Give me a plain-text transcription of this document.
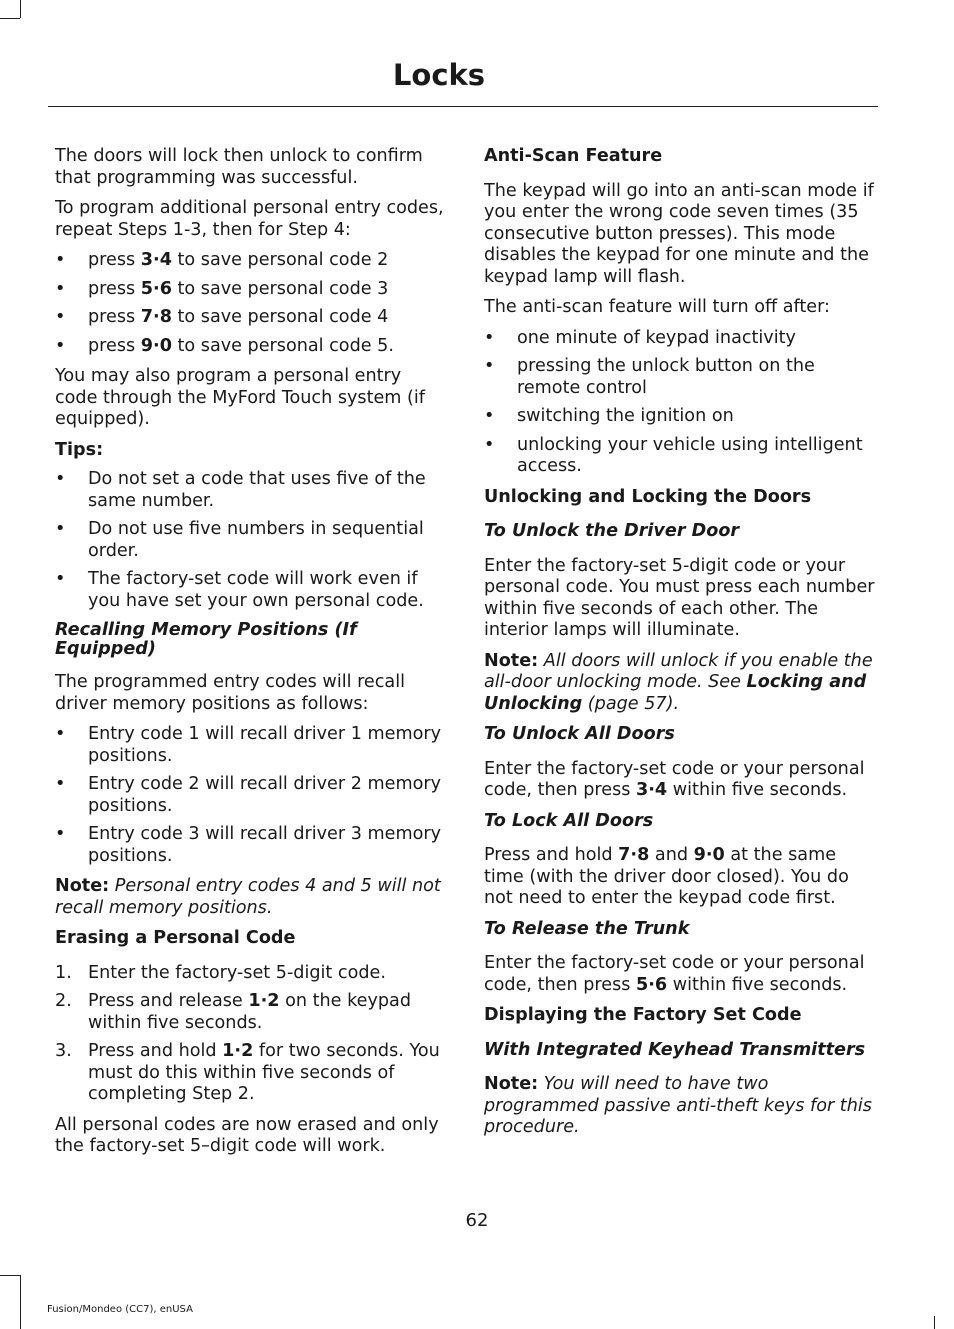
Locks

The doors will lock then unlock to confirm that programming was successful.

To program additional personal entry codes, repeat Steps 1-3, then for Step 4:

• press 3·4 to save personal code 2
• press 5·6 to save personal code 3
• press 7·8 to save personal code 4
• press 9·0 to save personal code 5.

You may also program a personal entry code through the MyFord Touch system (if equipped).

Tips:

• Do not set a code that uses five of the same number.
• Do not use five numbers in sequential order.
• The factory-set code will work even if you have set your own personal code.

Recalling Memory Positions (If Equipped)

The programmed entry codes will recall driver memory positions as follows:

• Entry code 1 will recall driver 1 memory positions.
• Entry code 2 will recall driver 2 memory positions.
• Entry code 3 will recall driver 3 memory positions.

Note: Personal entry codes 4 and 5 will not recall memory positions.

Erasing a Personal Code

1. Enter the factory-set 5-digit code.
2. Press and release 1·2 on the keypad within five seconds.
3. Press and hold 1·2 for two seconds. You must do this within five seconds of completing Step 2.

All personal codes are now erased and only the factory-set 5–digit code will work.

Anti-Scan Feature

The keypad will go into an anti-scan mode if you enter the wrong code seven times (35 consecutive button presses). This mode disables the keypad for one minute and the keypad lamp will flash.

The anti-scan feature will turn off after:

• one minute of keypad inactivity
• pressing the unlock button on the remote control
• switching the ignition on
• unlocking your vehicle using intelligent access.

Unlocking and Locking the Doors

To Unlock the Driver Door

Enter the factory-set 5-digit code or your personal code. You must press each number within five seconds of each other. The interior lamps will illuminate.

Note: All doors will unlock if you enable the all-door unlocking mode. See Locking and Unlocking (page 57).

To Unlock All Doors

Enter the factory-set code or your personal code, then press 3·4 within five seconds.

To Lock All Doors

Press and hold 7·8 and 9·0 at the same time (with the driver door closed). You do not need to enter the keypad code first.

To Release the Trunk

Enter the factory-set code or your personal code, then press 5·6 within five seconds.

Displaying the Factory Set Code

With Integrated Keyhead Transmitters

Note: You will need to have two programmed passive anti-theft keys for this procedure.

62
Fusion/Mondeo (CC7), enUSA
